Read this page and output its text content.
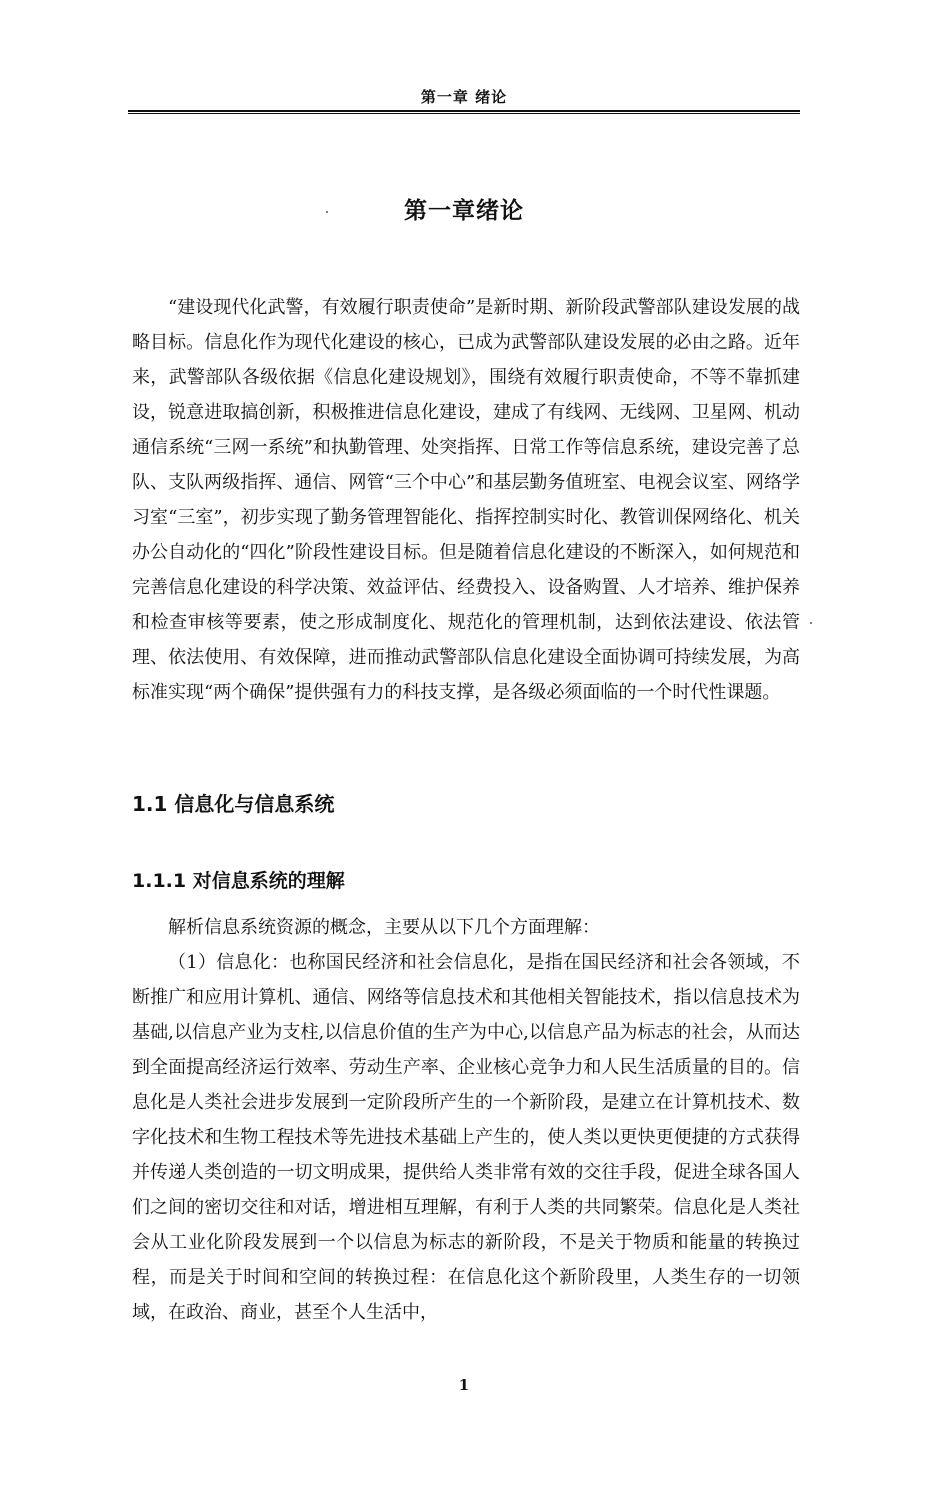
第一章 绪论
第一章绪论

“建设现代化武警，有效履行职责使命”是新时期、新阶段武警部队建设发展的战略目标。信息化作为现代化建设的核心，已成为武警部队建设发展的必由之路。近年来，武警部队各级依据《信息化建设规划》，围绕有效履行职责使命，不等不靠抓建设，锐意进取搞创新，积极推进信息化建设，建成了有线网、无线网、卫星网、机动通信系统“三网一系统”和执勤管理、处突指挥、日常工作等信息系统，建设完善了总队、支队两级指挥、通信、网管“三个中心”和基层勤务值班室、电视会议室、网络学习室“三室”，初步实现了勤务管理智能化、指挥控制实时化、教管训保网络化、机关办公自动化的“四化”阶段性建设目标。但是随着信息化建设的不断深入，如何规范和完善信息化建设的科学决策、效益评估、经费投入、设备购置、人才培养、维护保养和检查审核等要素，使之形成制度化、规范化的管理机制，达到依法建设、依法管理、依法使用、有效保障，进而推动武警部队信息化建设全面协调可持续发展，为高标准实现“两个确保”提供强有力的科技支撑，是各级必须面临的一个时代性课题。

1.1 信息化与信息系统
1.1.1 对信息系统的理解

解析信息系统资源的概念，主要从以下几个方面理解：

（1）信息化：也称国民经济和社会信息化，是指在国民经济和社会各领域，不断推广和应用计算机、通信、网络等信息技术和其他相关智能技术，指以信息技术为基础,以信息产业为支柱,以信息价值的生产为中心,以信息产品为标志的社会，从而达到全面提高经济运行效率、劳动生产率、企业核心竞争力和人民生活质量的目的。信息化是人类社会进步发展到一定阶段所产生的一个新阶段，是建立在计算机技术、数字化技术和生物工程技术等先进技术基础上产生的，使人类以更快更便捷的方式获得并传递人类创造的一切文明成果，提供给人类非常有效的交往手段，促进全球各国人们之间的密切交往和对话，增进相互理解，有利于人类的共同繁荣。信息化是人类社会从工业化阶段发展到一个以信息为标志的新阶段，不是关于物质和能量的转换过程，而是关于时间和空间的转换过程：在信息化这个新阶段里，人类生存的一切领域，在政治、商业，甚至个人生活中，

1
